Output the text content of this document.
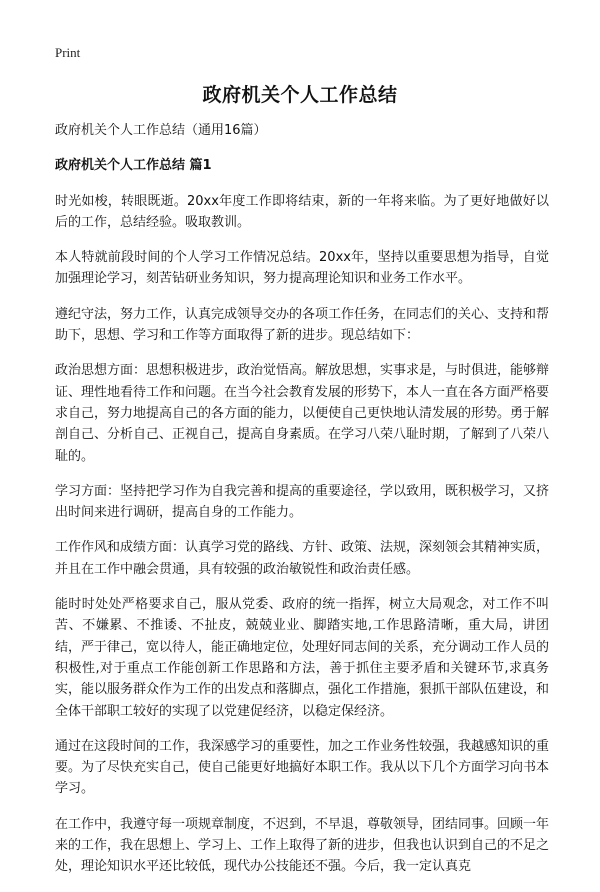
Print
政府机关个人工作总结

政府机关个人工作总结（通用16篇）

政府机关个人工作总结 篇1

时光如梭，转眼既逝。20xx年度工作即将结束，新的一年将来临。为了更好地做好以后的工作，总结经验。吸取教训。

本人特就前段时间的个人学习工作情况总结。20xx年，坚持以重要思想为指导，自觉加强理论学习，刻苦钻研业务知识，努力提高理论知识和业务工作水平。

遵纪守法，努力工作，认真完成领导交办的各项工作任务，在同志们的关心、支持和帮助下，思想、学习和工作等方面取得了新的进步。现总结如下：

政治思想方面：思想积极进步，政治觉悟高。解放思想，实事求是，与时俱进，能够辩证、理性地看待工作和问题。在当今社会教育发展的形势下，本人一直在各方面严格要求自己，努力地提高自己的各方面的能力，以便使自己更快地认清发展的形势。勇于解剖自己、分析自己、正视自己，提高自身素质。在学习八荣八耻时期，了解到了八荣八耻的。

学习方面：坚持把学习作为自我完善和提高的重要途径，学以致用，既积极学习，又挤出时间来进行调研，提高自身的工作能力。

工作作风和成绩方面：认真学习党的路线、方针、政策、法规，深刻领会其精神实质，并且在工作中融会贯通，具有较强的政治敏锐性和政治责任感。

能时时处处严格要求自己，服从党委、政府的统一指挥，树立大局观念，对工作不叫苦、不嫌累、不推诿、不扯皮，兢兢业业、脚踏实地,工作思路清晰，重大局，讲团结，严于律己，宽以待人，能正确地定位，处理好同志间的关系，充分调动工作人员的积极性,对于重点工作能创新工作思路和方法，善于抓住主要矛盾和关键环节,求真务实，能以服务群众作为工作的出发点和落脚点，强化工作措施，狠抓干部队伍建设，和全体干部职工较好的实现了以党建促经济，以稳定保经济。

通过在这段时间的工作，我深感学习的重要性，加之工作业务性较强，我越感知识的重要。为了尽快充实自己，使自己能更好地搞好本职工作。我从以下几个方面学习向书本学习。

在工作中，我遵守每一项规章制度，不迟到，不早退，尊敬领导，团结同事。回顾一年来的工作，我在思想上、学习上、工作上取得了新的进步，但我也认识到自己的不足之处，理论知识水平还比较低，现代办公技能还不强。今后，我一定认真克
